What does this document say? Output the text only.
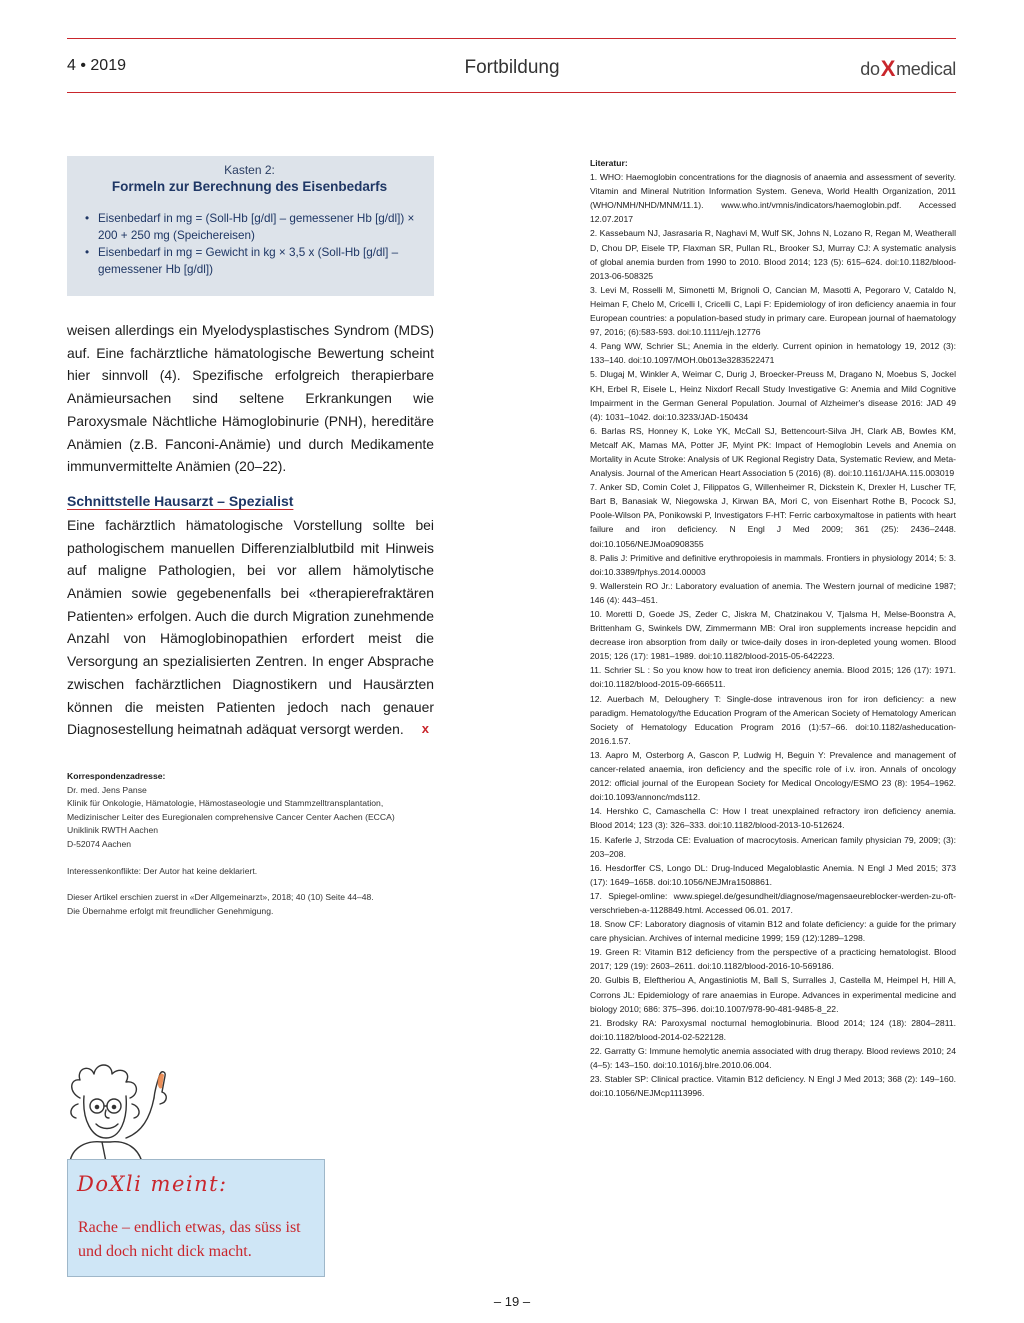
4 • 2019	Fortbildung	doXmedical
Kasten 2:
Formeln zur Berechnung des Eisenbedarfs
• Eisenbedarf in mg = (Soll-Hb [g/dl] – gemessener Hb [g/dl]) × 200 + 250 mg (Speichereisen)
• Eisenbedarf in mg = Gewicht in kg × 3,5 x (Soll-Hb [g/dl] – gemessener Hb [g/dl])

weisen allerdings ein Myelodysplastisches Syndrom (MDS) auf. Eine fachärztliche hämatologische Bewertung scheint hier sinnvoll (4). Spezifische erfolgreich therapierbare Anämieursachen sind seltene Erkrankungen wie Paroxysmale Nächtliche Hämoglobinurie (PNH), hereditäre Anämien (z.B. Fanconi-Anämie) und durch Medikamente immunvermittelte Anämien (20–22).

Schnittstelle Hausarzt – Spezialist

Eine fachärztlich hämatologische Vorstellung sollte bei pathologischem manuellen Differenzialblutbild mit Hinweis auf maligne Pathologien, bei vor allem hämolytische Anämien sowie gegebenenfalls bei «therapierefraktären Patienten» erfolgen. Auch die durch Migration zunehmende Anzahl von Hämoglobinopathien erfordert meist die Versorgung an spezialisierten Zentren. In enger Absprache zwischen fachärztlichen Diagnostikern und Hausärzten können die meisten Patienten jedoch nach genauer Diagnosestellung heimatnah adäquat versorgt werden.	x
Korrespondenzadresse:
Dr. med. Jens Panse
Klinik für Onkologie, Hämatologie, Hämostaseologie und Stammzelltransplantation,
Medizinischer Leiter des Euregionalen comprehensive Cancer Center Aachen (ECCA)
Uniklinik RWTH Aachen
D-52074 Aachen
Interessenkonflikte: Der Autor hat keine deklariert.
Dieser Artikel erschien zuerst in «Der Allgemeinarzt», 2018; 40 (10) Seite 44–48.
Die Übernahme erfolgt mit freundlicher Genehmigung.
Literatur:
1. WHO: Haemoglobin concentrations for the diagnosis of anaemia and assessment of severity. Vitamin and Mineral Nutrition Information System. Geneva, World Health Organization, 2011 (WHO/NMH/NHD/MNM/11.1). www.who.int/vmnis/indicators/haemoglobin.pdf. Accessed 12.07.2017
2. Kassebaum NJ, Jasrasaria R, Naghavi M, Wulf SK, Johns N, Lozano R, Regan M, Weatherall D, Chou DP, Eisele TP, Flaxman SR, Pullan RL, Brooker SJ, Murray CJ: A systematic analysis of global anemia burden from 1990 to 2010. Blood 2014; 123 (5): 615–624. doi:10.1182/blood-2013-06-508325
3. Levi M, Rosselli M, Simonetti M, Brignoli O, Cancian M, Masotti A, Pegoraro V, Cataldo N, Heiman F, Chelo M, Cricelli I, Cricelli C, Lapi F: Epidemiology of iron deficiency anaemia in four European countries: a population-based study in primary care. European journal of haematology 97, 2016; (6):583-593. doi:10.1111/ejh.12776
4. Pang WW, Schrier SL; Anemia in the elderly. Current opinion in hematology 19, 2012 (3): 133–140. doi:10.1097/MOH.0b013e3283522471
5. Dlugaj M, Winkler A, Weimar C, Durig J, Broecker-Preuss M, Dragano N, Moebus S, Jockel KH, Erbel R, Eisele L, Heinz Nixdorf Recall Study Investigative G: Anemia and Mild Cognitive Impairment in the German General Population. Journal of Alzheimer's disease 2016: JAD 49 (4): 1031–1042. doi:10.3233/JAD-150434
6. Barlas RS, Honney K, Loke YK, McCall SJ, Bettencourt-Silva JH, Clark AB, Bowles KM, Metcalf AK, Mamas MA, Potter JF, Myint PK: Impact of Hemoglobin Levels and Anemia on Mortality in Acute Stroke: Analysis of UK Regional Registry Data, Systematic Review, and Meta-Analysis. Journal of the American Heart Association 5 (2016) (8). doi:10.1161/JAHA.115.003019
7. Anker SD, Comin Colet J, Filippatos G, Willenheimer R, Dickstein K, Drexler H, Luscher TF, Bart B, Banasiak W, Niegowska J, Kirwan BA, Mori C, von Eisenhart Rothe B, Pocock SJ, Poole-Wilson PA, Ponikowski P, Investigators F-HT: Ferric carboxymaltose in patients with heart failure and iron deficiency. N Engl J Med 2009; 361 (25): 2436–2448. doi:10.1056/NEJMoa0908355
8. Palis J: Primitive and definitive erythropoiesis in mammals. Frontiers in physiology 2014; 5: 3. doi:10.3389/fphys.2014.00003
9. Wallerstein RO Jr.: Laboratory evaluation of anemia. The Western journal of medicine 1987; 146 (4): 443–451.
10. Moretti D, Goede JS, Zeder C, Jiskra M, Chatzinakou V, Tjalsma H, Melse-Boonstra A, Brittenham G, Swinkels DW, Zimmermann MB: Oral iron supplements increase hepcidin and decrease iron absorption from daily or twice-daily doses in iron-depleted young women. Blood 2015; 126 (17): 1981–1989. doi:10.1182/blood-2015-05-642223.
11. Schrier SL : So you know how to treat iron deficiency anemia. Blood 2015; 126 (17): 1971. doi:10.1182/blood-2015-09-666511.
12. Auerbach M, Deloughery T: Single-dose intravenous iron for iron deficiency: a new paradigm. Hematology/the Education Program of the American Society of Hematology American Society of Hematology Education Program 2016 (1):57–66. doi:10.1182/asheducation-2016.1.57.
13. Aapro M, Osterborg A, Gascon P, Ludwig H, Beguin Y: Prevalence and management of cancer-related anaemia, iron deficiency and the specific role of i.v. iron. Annals of oncology 2012: official journal of the European Society for Medical Oncology/ESMO 23 (8): 1954–1962. doi:10.1093/annonc/mds112.
14. Hershko C, Camaschella C: How I treat unexplained refractory iron deficiency anemia. Blood 2014; 123 (3): 326–333. doi:10.1182/blood-2013-10-512624.
15. Kaferle J, Strzoda CE: Evaluation of macrocytosis. American family physician 79, 2009; (3): 203–208.
16. Hesdorffer CS, Longo DL: Drug-Induced Megaloblastic Anemia. N Engl J Med 2015; 373 (17): 1649–1658. doi:10.1056/NEJMra1508861.
17. Spiegel-omline: www.spiegel.de/gesundheit/diagnose/magensaeureblocker-werden-zu-oft-verschrieben-a-1128849.html. Accessed 06.01. 2017.
18. Snow CF: Laboratory diagnosis of vitamin B12 and folate deficiency: a guide for the primary care physician. Archives of internal medicine 1999; 159 (12):1289–1298.
19. Green R: Vitamin B12 deficiency from the perspective of a practicing hematologist. Blood 2017; 129 (19): 2603–2611. doi:10.1182/blood-2016-10-569186.
20. Gulbis B, Eleftheriou A, Angastiniotis M, Ball S, Surralles J, Castella M, Heimpel H, Hill A, Corrons JL: Epidemiology of rare anaemias in Europe. Advances in experimental medicine and biology 2010; 686: 375–396. doi:10.1007/978-90-481-9485-8_22.
21. Brodsky RA: Paroxysmal nocturnal hemoglobinuria. Blood 2014; 124 (18): 2804–2811. doi:10.1182/blood-2014-02-522128.
22. Garratty G: Immune hemolytic anemia associated with drug therapy. Blood reviews 2010; 24 (4–5): 143–150. doi:10.1016/j.blre.2010.06.004.
23. Stabler SP: Clinical practice. Vitamin B12 deficiency. N Engl J Med 2013; 368 (2): 149–160. doi:10.1056/NEJMcp1113996.
DoXli meint:
Rache – endlich etwas, das süss ist und doch nicht dick macht.
– 19 –
